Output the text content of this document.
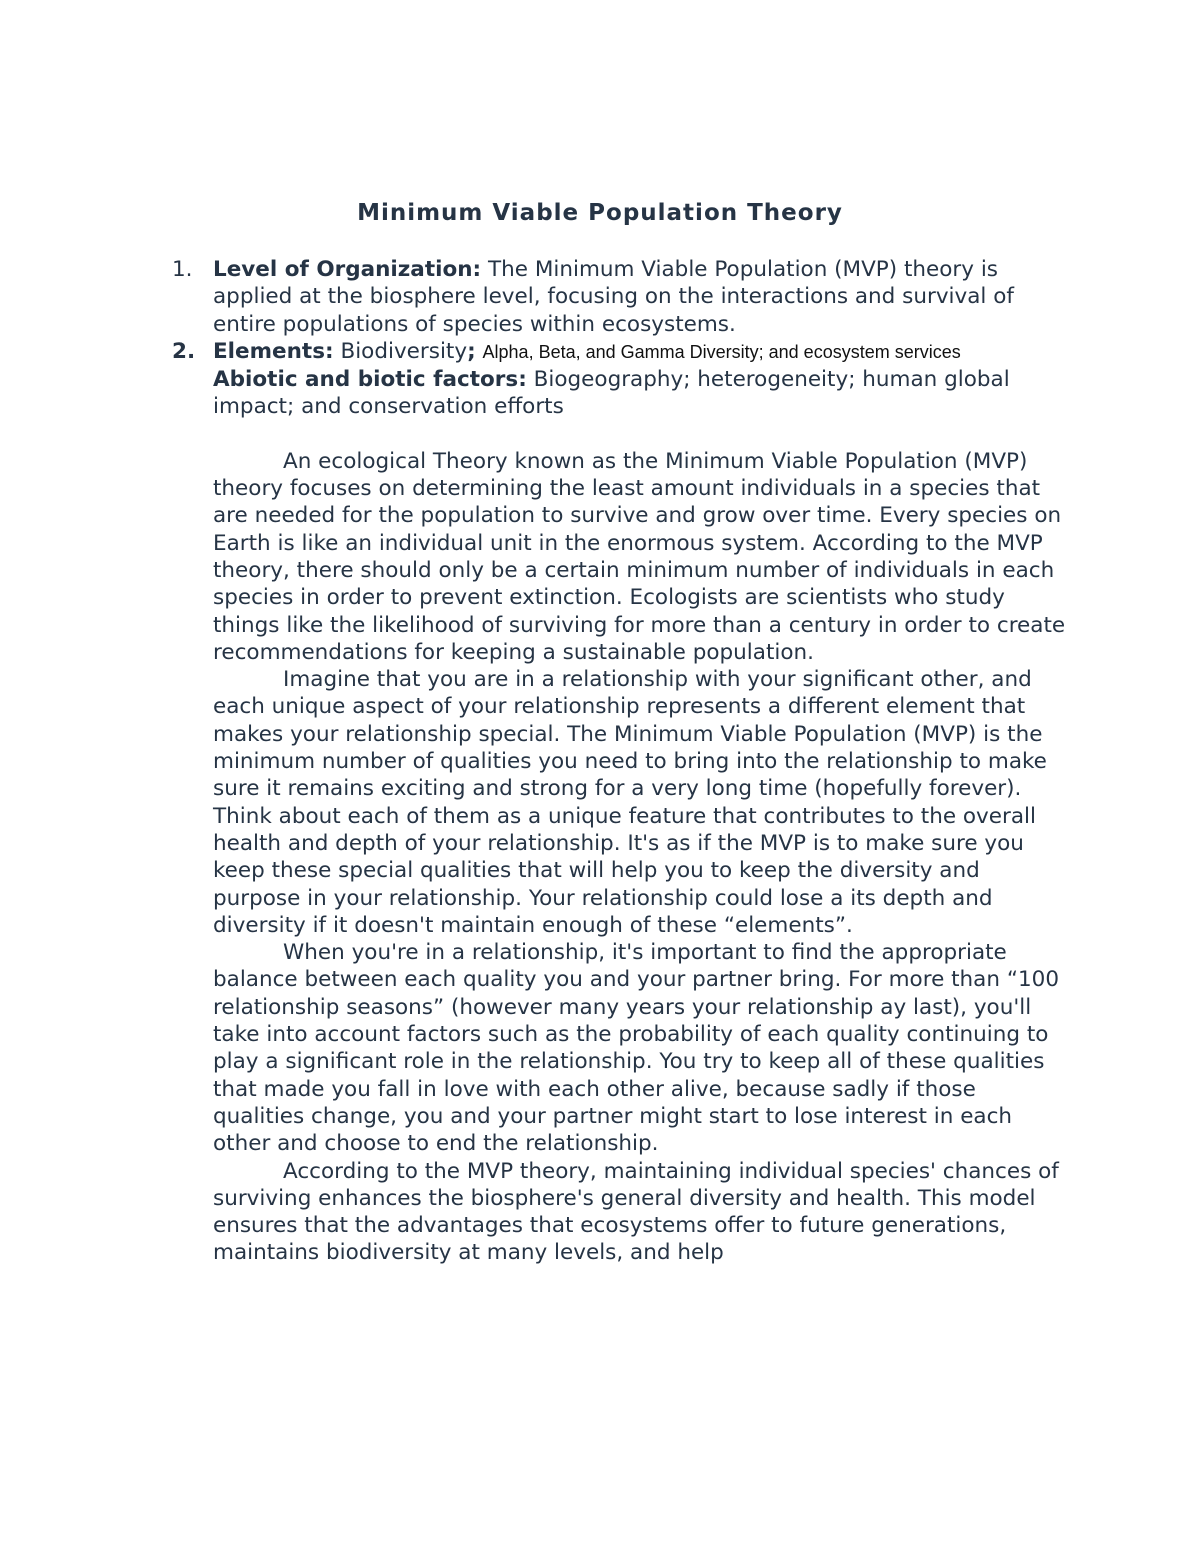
Minimum Viable Population Theory
1. Level of Organization: The Minimum Viable Population (MVP) theory is applied at the biosphere level, focusing on the interactions and survival of entire populations of species within ecosystems.
2. Elements: Biodiversity; Alpha, Beta, and Gamma Diversity; and ecosystem services
Abiotic and biotic factors: Biogeography; heterogeneity; human global impact; and conservation efforts

An ecological Theory known as the Minimum Viable Population (MVP) theory focuses on determining the least amount individuals in a species that are needed for the population to survive and grow over time. Every species on Earth is like an individual unit in the enormous system. According to the MVP theory, there should only be a certain minimum number of individuals in each species in order to prevent extinction. Ecologists are scientists who study things like the likelihood of surviving for more than a century in order to create recommendations for keeping a sustainable population.

Imagine that you are in a relationship with your significant other, and each unique aspect of your relationship represents a different element that makes your relationship special. The Minimum Viable Population (MVP) is the minimum number of qualities you need to bring into the relationship to make sure it remains exciting and strong for a very long time (hopefully forever).

Think about each of them as a unique feature that contributes to the overall health and depth of your relationship. It's as if the MVP is to make sure you keep these special qualities that will help you to keep the diversity and purpose in your relationship. Your relationship could lose a its depth and diversity if it doesn't maintain enough of these “elements”.

When you're in a relationship, it's important to find the appropriate balance between each quality you and your partner bring. For more than “100 relationship seasons” (however many years your relationship ay last), you'll take into account factors such as the probability of each quality continuing to play a significant role in the relationship. You try to keep all of these qualities that made you fall in love with each other alive, because sadly if those qualities change, you and your partner might start to lose interest in each other and choose to end the relationship.

According to the MVP theory, maintaining individual species' chances of surviving enhances the biosphere's general diversity and health. This model ensures that the advantages that ecosystems offer to future generations, maintains biodiversity at many levels, and help
